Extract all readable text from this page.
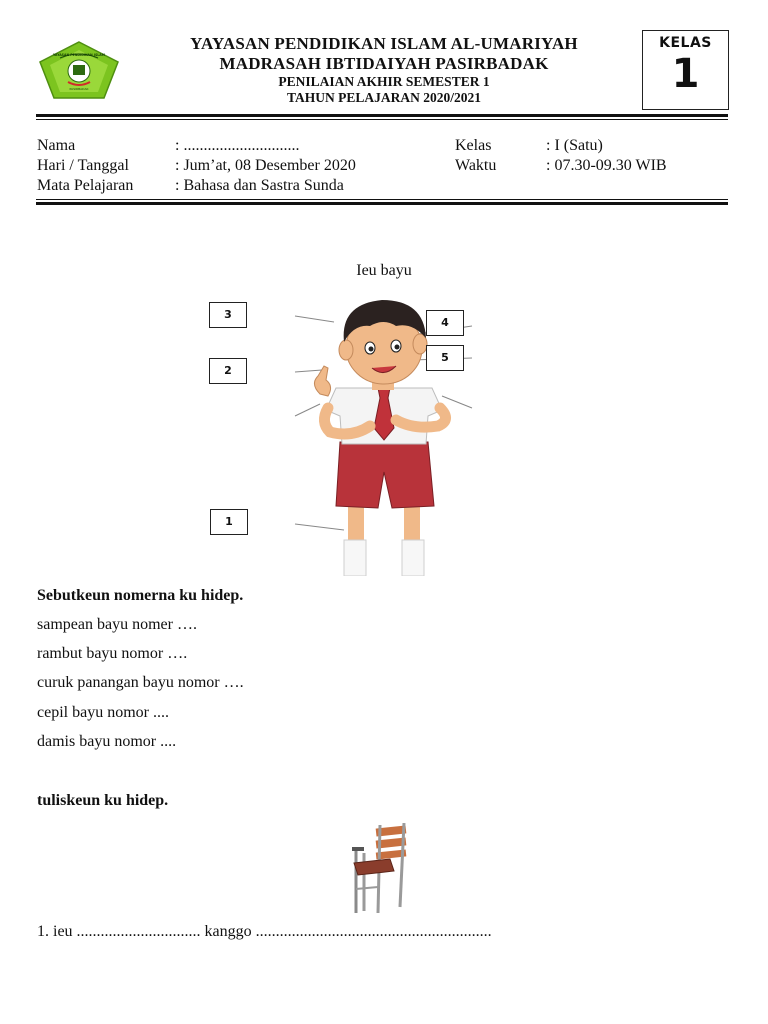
YAYASAN PENDIDIKAN ISLAM
PASIRBADAK
YAYASAN PENDIDIKAN ISLAM AL-UMARIYAH
MADRASAH IBTIDAIYAH PASIRBADAK
PENILAIAN AKHIR SEMESTER 1
TAHUN PELAJARAN 2020/2021
KELAS
1
Nama	: .............................
Hari / Tanggal	: Jum’at, 08 Desember 2020
Mata Pelajaran	: Bahasa dan Sastra Sunda
Kelas	: I (Satu)
Waktu	: 07.30-09.30 WIB
Ieu bayu
3
2
1
4
5
Sebutkeun nomerna ku hidep.
sampean bayu nomer ….
rambut bayu nomor ….
curuk panangan bayu nomor ….
cepil bayu nomor ....
damis bayu nomor ....
tuliskeun ku hidep.
1. ieu ............................... kanggo ...........................................................
